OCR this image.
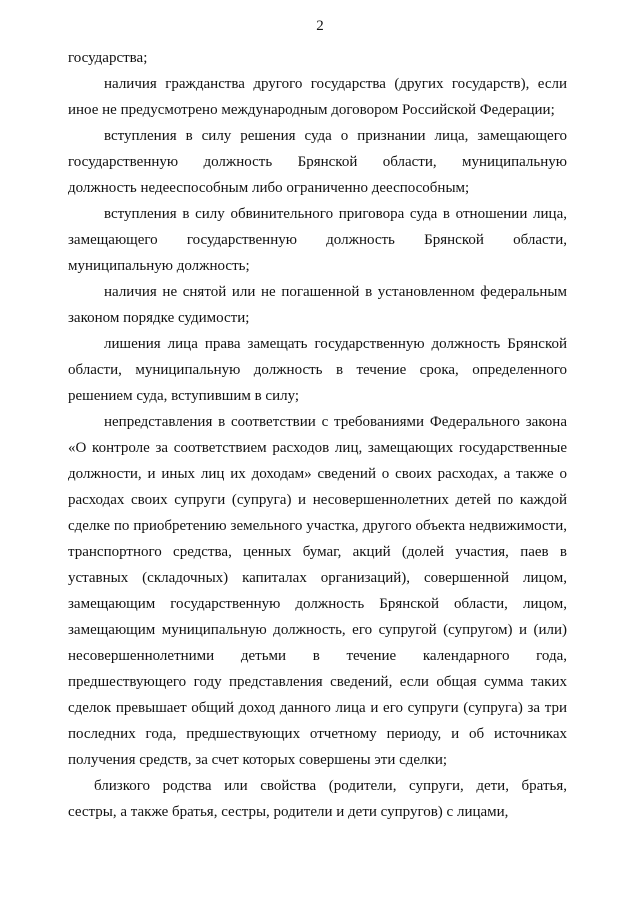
2
государства;
наличия гражданства другого государства (других государств), если
иное не предусмотрено международным договором Российской Федерации;
вступления в силу решения суда о признании лица, замещающего
государственную должность Брянской области, муниципальную
должность недееспособным либо ограниченно дееспособным;
вступления в силу обвинительного приговора суда в отношении лица,
замещающего государственную должность Брянской области,
муниципальную должность;
наличия не снятой или не погашенной в установленном федеральным
законом порядке судимости;
лишения лица права замещать государственную должность Брянской
области, муниципальную должность в течение срока, определенного
решением суда, вступившим в силу;
непредставления в соответствии с требованиями Федерального закона
«О контроле за соответствием расходов лиц, замещающих государственные
должности, и иных лиц их доходам» сведений о своих расходах, а также о
расходах своих супруги (супруга) и несовершеннолетних детей по каждой
сделке по приобретению земельного участка, другого объекта недвижимости,
транспортного средства, ценных бумаг, акций (долей участия, паев в
уставных (складочных) капиталах организаций), совершенной лицом,
замещающим государственную должность Брянской области, лицом,
замещающим муниципальную должность, его супругой (супругом) и (или)
несовершеннолетними детьми в течение календарного года,
предшествующего году представления сведений, если общая сумма таких
сделок превышает общий доход данного лица и его супруги (супруга) за три
последних года, предшествующих отчетному периоду, и об источниках
получения средств, за счет которых совершены эти сделки;
близкого родства или свойства (родители, супруги, дети, братья,
сестры, а также братья, сестры, родители и дети супругов) с лицами,
